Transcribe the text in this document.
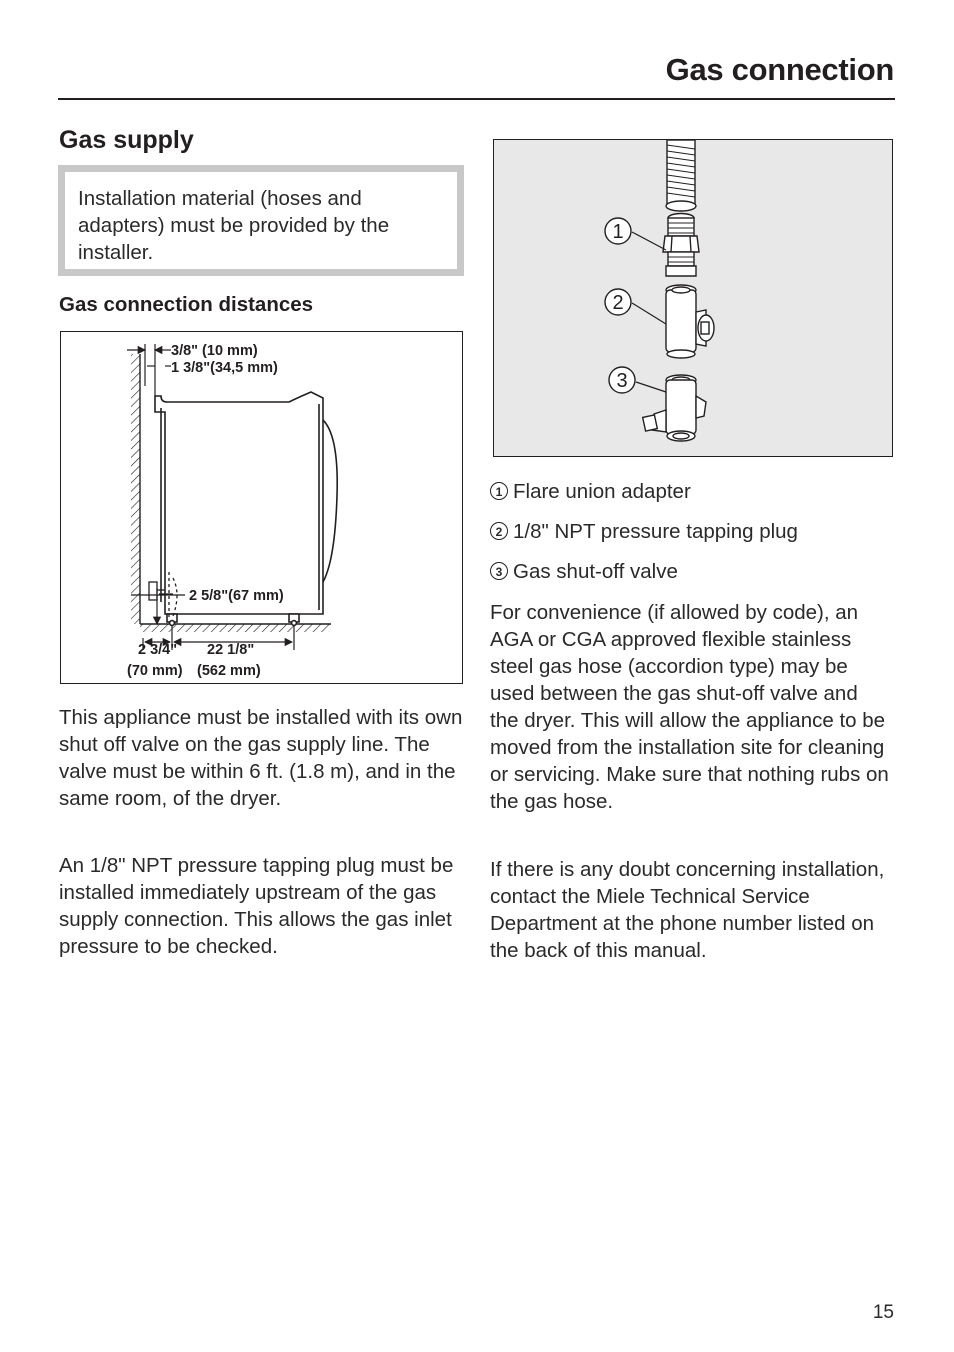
Gas connection
Gas supply
Installation material (hoses and adapters) must be provided by the installer.
Gas connection distances
3/8" (10 mm)
1 3/8"(34,5 mm)
2 5/8"(67 mm)
2 3/4" 22 1/8"
(70 mm) (562 mm)

This appliance must be installed with its own shut off valve on the gas supply line. The valve must be within 6 ft. (1.8 m), and in the same room, of the dryer.

An 1/8" NPT pressure tapping plug must be installed immediately upstream of the gas supply connection. This allows the gas inlet pressure to be checked.

1
2
3
1 Flare union adapter
2 1/8" NPT pressure tapping plug
3 Gas shut-off valve

For convenience (if allowed by code), an AGA or CGA approved flexible stainless steel gas hose (accordion type) may be used between the gas shut-off valve and the dryer. This will allow the appliance to be moved from the installation site for cleaning or servicing. Make sure that nothing rubs on the gas hose.

If there is any doubt concerning installation, contact the Miele Technical Service Department at the phone number listed on the back of this manual.

15
